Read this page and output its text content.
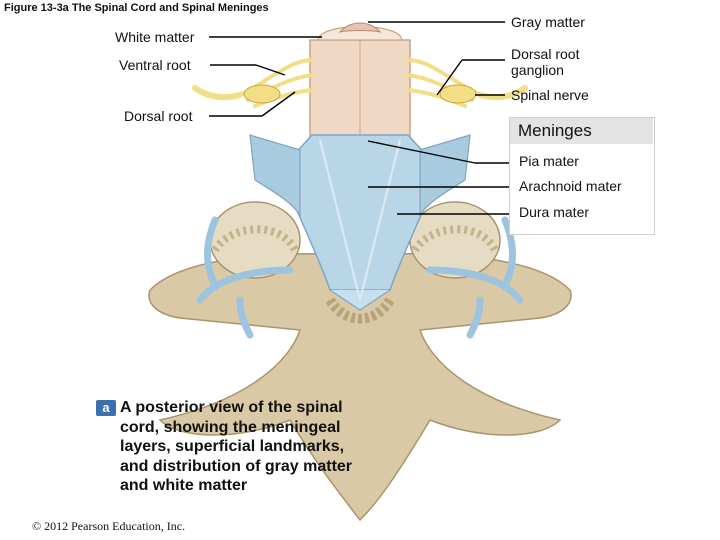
Figure 13-3a The Spinal Cord and Spinal Meninges
White matter
Ventral root
Dorsal root
Gray matter
Dorsal root
ganglion
Spinal nerve
Meninges
Pia mater
Arachnoid mater
Dura mater
a A posterior view of the spinal cord, showing the meningeal layers, superficial landmarks, and distribution of gray matter and white matter
© 2012 Pearson Education, Inc.
